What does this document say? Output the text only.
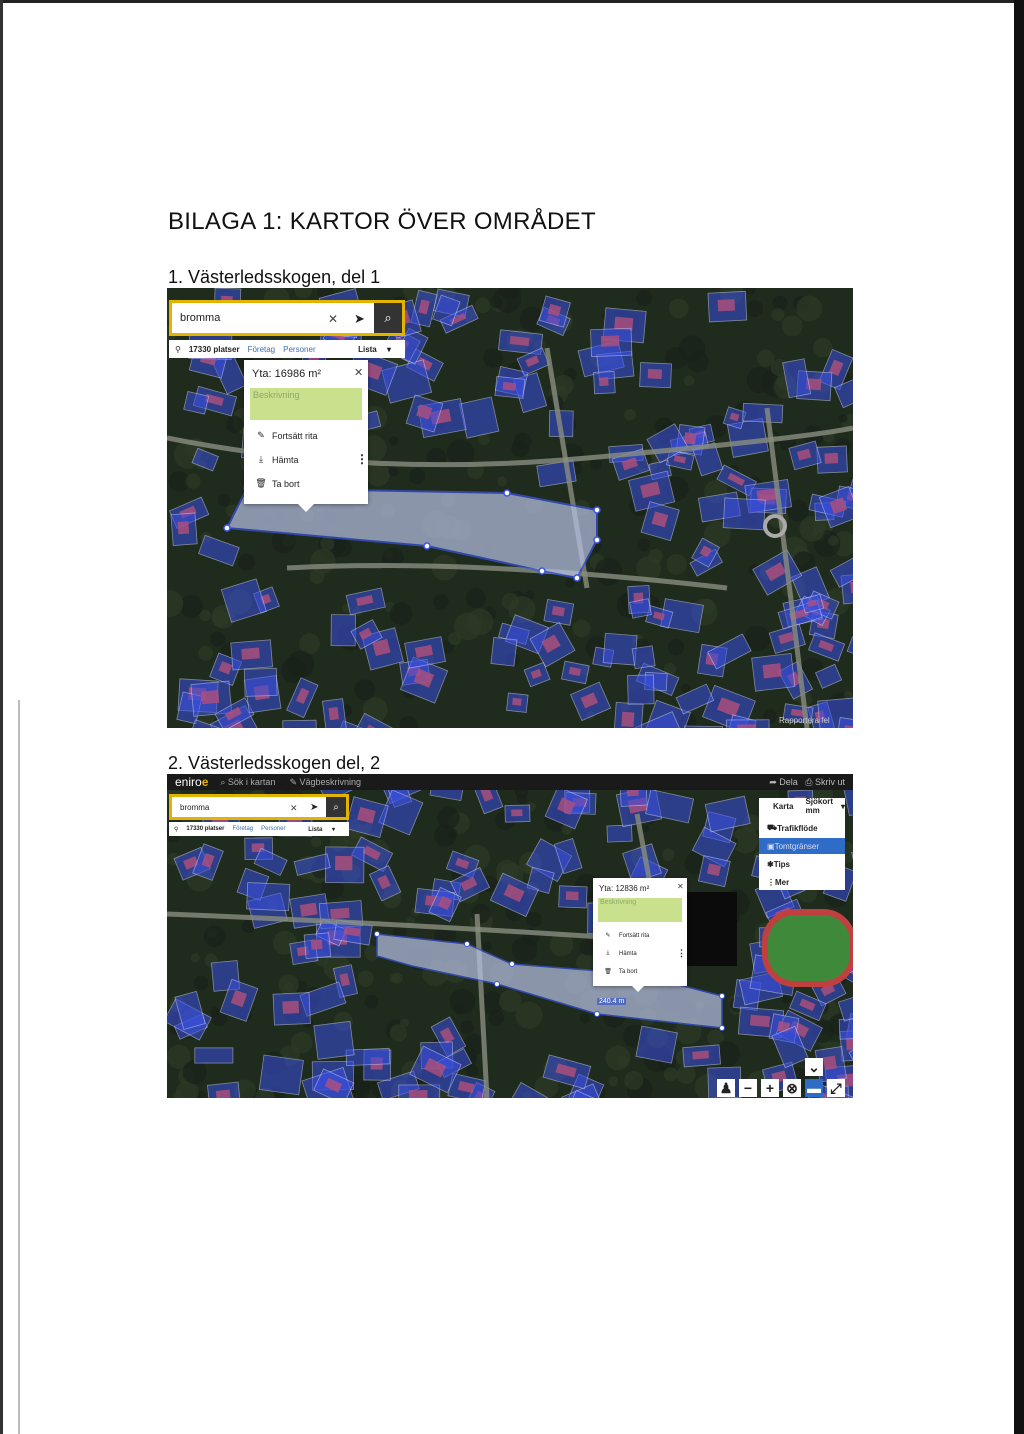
BILAGA 1: KARTOR ÖVER OMRÅDET
1. Västerledsskogen, del 1
bromma	✕ ➤	⌕
⚲ 17330 platser Företag Personer	Lista ▾
Yta: 16986 m²	✕
Beskrivning
✎ Fortsätt rita
⤓	Hämta	⋮
🗑 Ta bort
Rapportera fel
2. Västerledsskogen del, 2
eniroe ⌕ Sök i kartan ✎ Vägbeskrivning	➦ Dela   ⎙ Skriv ut
bromma	✕ ➤	⌕
⚲ 17330 platser Företag Personer	Lista ▾
Karta Sjökort mm	▾
⛟ Trafikflöde
▣ Tomtgränser
✱ Tips
⋮ Mer
Yta: 12836 m²	✕
Beskrivning
✎	Fortsätt rita
⤓	Hämta	⋮
🗑	Ta bort
240.4 m
⌄
♟ − + ⊗ ▬ ⤢
